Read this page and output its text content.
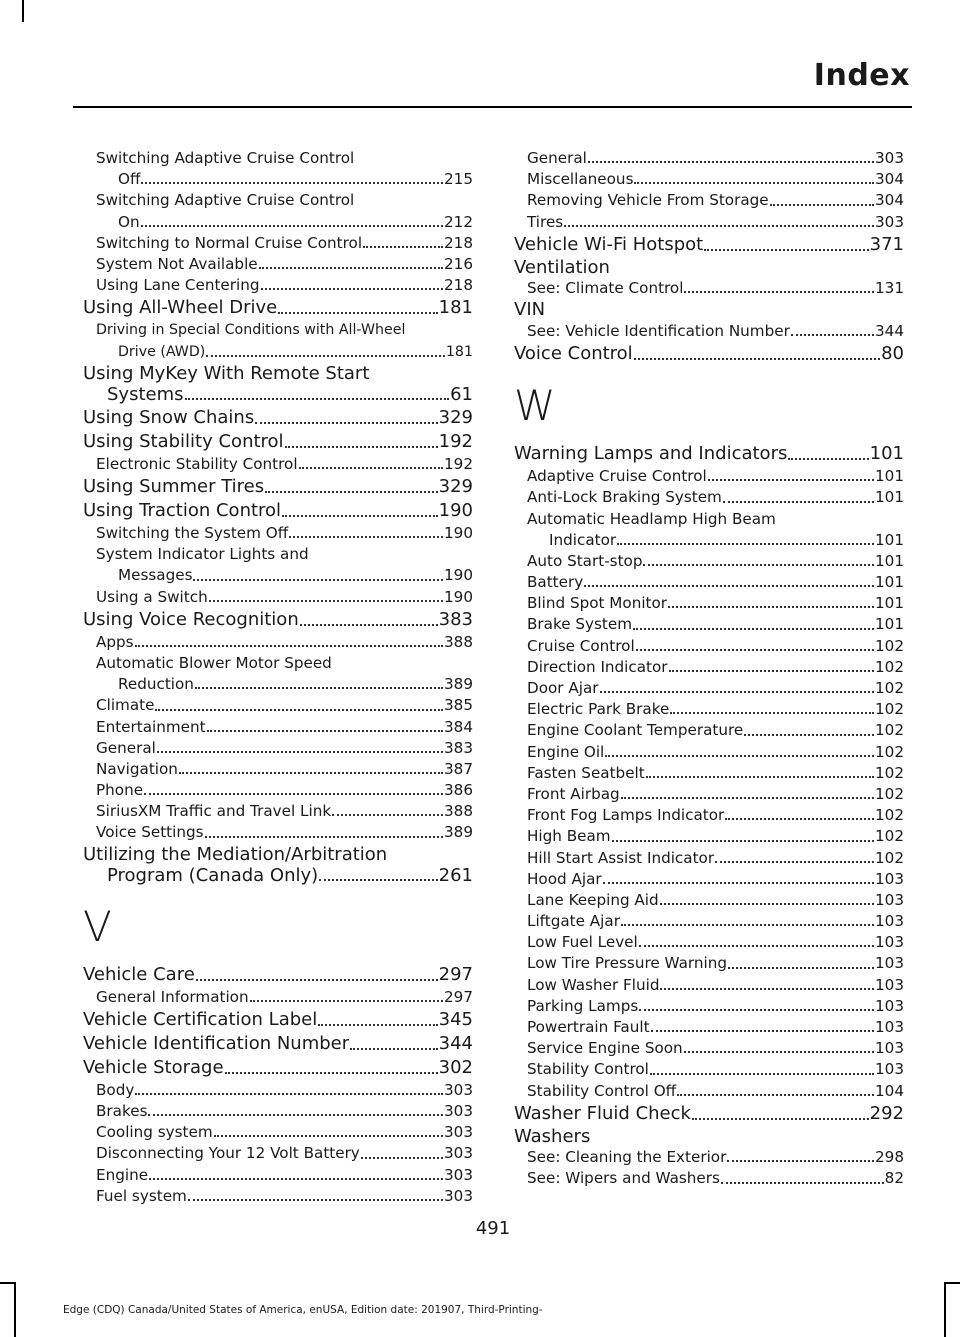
Index
Switching Adaptive Cruise Control
Off	215
Switching Adaptive Cruise Control
On	212
Switching to Normal Cruise Control	218
System Not Available	216
Using Lane Centering	218
Using All-Wheel Drive	181
Driving in Special Conditions with All-Wheel
Drive (AWD)	181
Using MyKey With Remote Start
Systems	61
Using Snow Chains	329
Using Stability Control	192
Electronic Stability Control	192
Using Summer Tires	329
Using Traction Control	190
Switching the System Off	190
System Indicator Lights and
Messages	190
Using a Switch	190
Using Voice Recognition	383
Apps	388
Automatic Blower Motor Speed
Reduction	389
Climate	385
Entertainment	384
General	383
Navigation	387
Phone	386
SiriusXM Traffic and Travel Link	388
Voice Settings	389
Utilizing the Mediation/Arbitration
Program (Canada Only)	261
V
Vehicle Care	297
General Information	297
Vehicle Certification Label	345
Vehicle Identification Number	344
Vehicle Storage	302
Body	303
Brakes	303
Cooling system	303
Disconnecting Your 12 Volt Battery	303
Engine	303
Fuel system	303
General	303
Miscellaneous	304
Removing Vehicle From Storage	304
Tires	303
Vehicle Wi-Fi Hotspot	371
Ventilation
See: Climate Control	131
VIN
See: Vehicle Identification Number	344
Voice Control	80
W
Warning Lamps and Indicators	101
Adaptive Cruise Control	101
Anti-Lock Braking System	101
Automatic Headlamp High Beam
Indicator	101
Auto Start-stop	101
Battery	101
Blind Spot Monitor	101
Brake System	101
Cruise Control	102
Direction Indicator	102
Door Ajar	102
Electric Park Brake	102
Engine Coolant Temperature	102
Engine Oil	102
Fasten Seatbelt	102
Front Airbag	102
Front Fog Lamps Indicator	102
High Beam	102
Hill Start Assist Indicator	102
Hood Ajar	103
Lane Keeping Aid	103
Liftgate Ajar	103
Low Fuel Level	103
Low Tire Pressure Warning	103
Low Washer Fluid	103
Parking Lamps	103
Powertrain Fault	103
Service Engine Soon	103
Stability Control	103
Stability Control Off	104
Washer Fluid Check	292
Washers
See: Cleaning the Exterior	298
See: Wipers and Washers	82

491

Edge (CDQ) Canada/United States of America, enUSA, Edition date: 201907, Third-Printing-
